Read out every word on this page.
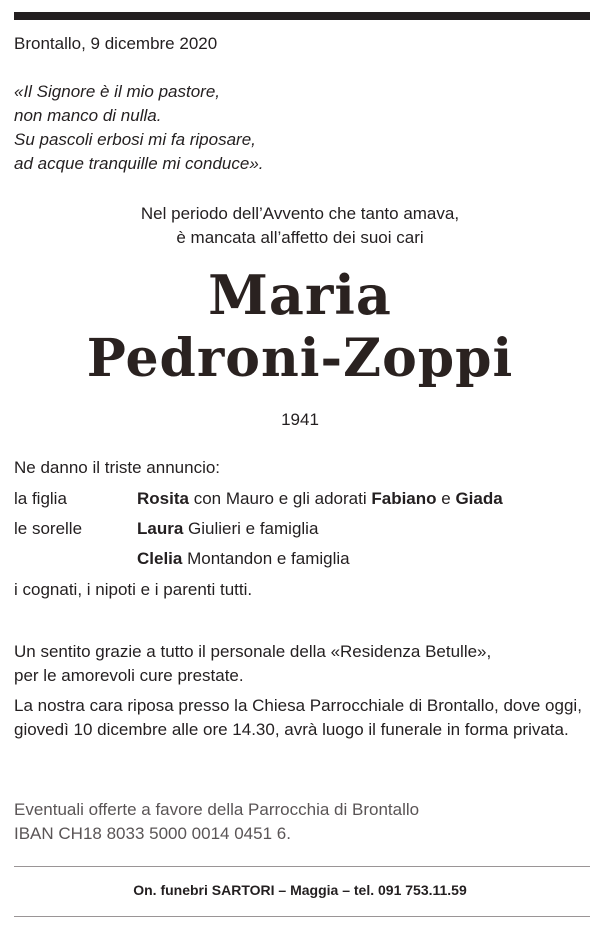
Brontallo, 9 dicembre 2020
«Il Signore è il mio pastore,
non manco di nulla.
Su pascoli erbosi mi fa riposare,
ad acque tranquille mi conduce».
Nel periodo dell’Avvento che tanto amava,
è mancata all’affetto dei suoi cari
Maria
Pedroni-Zoppi
1941
Ne danno il triste annuncio:
la figlia	Rosita con Mauro e gli adorati Fabiano e Giada
le sorelle	Laura Giulieri e famiglia
Clelia Montandon e famiglia
i cognati, i nipoti e i parenti tutti.
Un sentito grazie a tutto il personale della «Residenza Betulle»,
per le amorevoli cure prestate.
La nostra cara riposa presso la Chiesa Parrocchiale di Brontallo, dove oggi, giovedì 10 dicembre alle ore 14.30, avrà luogo il funerale in forma privata.
Eventuali offerte a favore della Parrocchia di Brontallo
IBAN CH18 8033 5000 0014 0451 6.
On. funebri SARTORI – Maggia – tel. 091 753.11.59
